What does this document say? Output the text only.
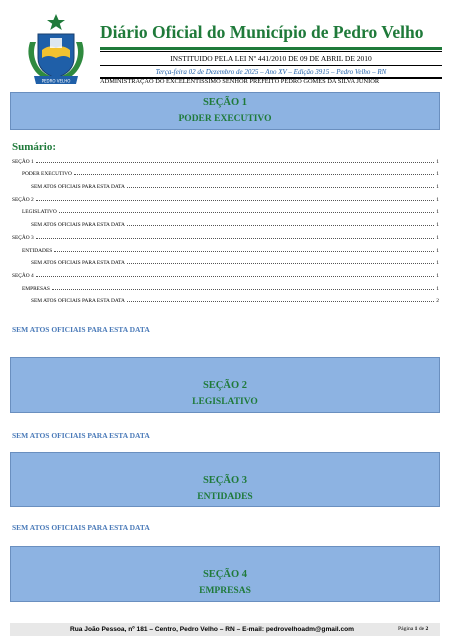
PEDRO VELHO
Diário Oficial do Município de Pedro Velho
INSTITUIDO PELA LEI Nº 441/2010 DE 09 DE ABRIL DE 2010
Terça-feira 02 de Dezembro de 2025 – Ano XV – Edição 3915 – Pedro Velho – RN
ADMINISTRAÇÃO DO EXCELENTISSIMO SENHOR PREFEITO PEDRO GOMES DA SILVA JUNIOR
SEÇÃO 1
PODER EXECUTIVO
Sumário:
SEÇÃO 1	1
PODER EXECUTIVO	1
SEM ATOS OFICIAIS PARA ESTA DATA	1
SEÇÃO 2	1
LEGISLATIVO	1
SEM ATOS OFICIAIS PARA ESTA DATA	1
SEÇÃO 3	1
ENTIDADES	1
SEM ATOS OFICIAIS PARA ESTA DATA	1
SEÇÃO 4	1
EMPRESAS	1
SEM ATOS OFICIAIS PARA ESTA DATA	2
SEM ATOS OFICIAIS PARA ESTA DATA
SEÇÃO 2
LEGISLATIVO
SEM ATOS OFICIAIS PARA ESTA DATA
SEÇÃO 3
ENTIDADES
SEM ATOS OFICIAIS PARA ESTA DATA
SEÇÃO 4
EMPRESAS
Rua João Pessoa, nº 181 – Centro, Pedro Velho – RN – E-mail: pedrovelhoadm@gmail.com	Página 1 de 2
